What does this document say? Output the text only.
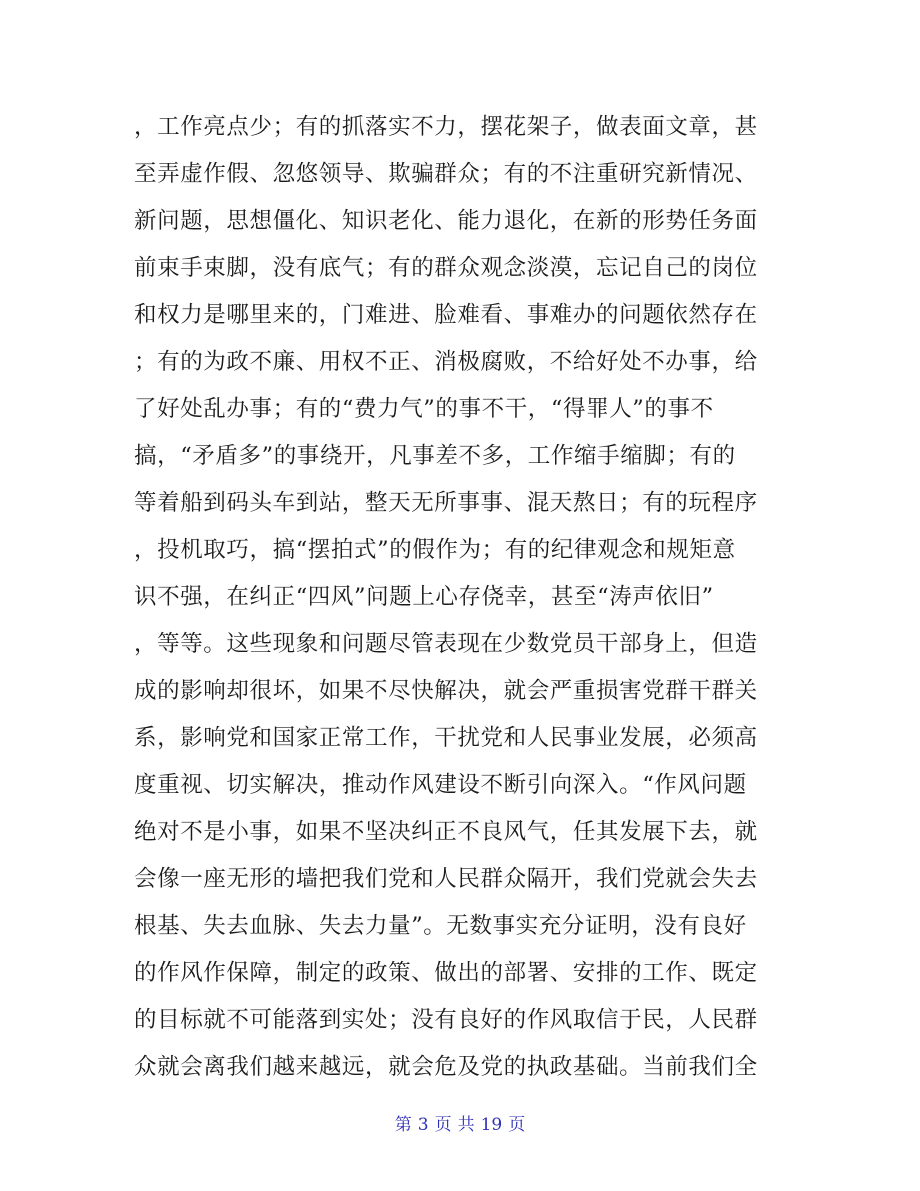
，工作亮点少；有的抓落实不力，摆花架子，做表面文章，甚
至弄虚作假、忽悠领导、欺骗群众；有的不注重研究新情况、
新问题，思想僵化、知识老化、能力退化，在新的形势任务面
前束手束脚，没有底气；有的群众观念淡漠，忘记自己的岗位
和权力是哪里来的，门难进、脸难看、事难办的问题依然存在
；有的为政不廉、用权不正、消极腐败，不给好处不办事，给
了好处乱办事；有的“费力气”的事不干，“得罪人”的事不
搞，“矛盾多”的事绕开，凡事差不多，工作缩手缩脚；有的
等着船到码头车到站，整天无所事事、混天熬日；有的玩程序
，投机取巧，搞“摆拍式”的假作为；有的纪律观念和规矩意
识不强，在纠正“四风”问题上心存侥幸，甚至“涛声依旧”
，等等。这些现象和问题尽管表现在少数党员干部身上，但造
成的影响却很坏，如果不尽快解决，就会严重损害党群干群关
系，影响党和国家正常工作，干扰党和人民事业发展，必须高
度重视、切实解决，推动作风建设不断引向深入。“作风问题
绝对不是小事，如果不坚决纠正不良风气，任其发展下去，就
会像一座无形的墙把我们党和人民群众隔开，我们党就会失去
根基、失去血脉、失去力量”。无数事实充分证明，没有良好
的作风作保障，制定的政策、做出的部署、安排的工作、既定
的目标就不可能落到实处；没有良好的作风取信于民，人民群
众就会离我们越来越远，就会危及党的执政基础。当前我们全
第 3 页 共 19 页
